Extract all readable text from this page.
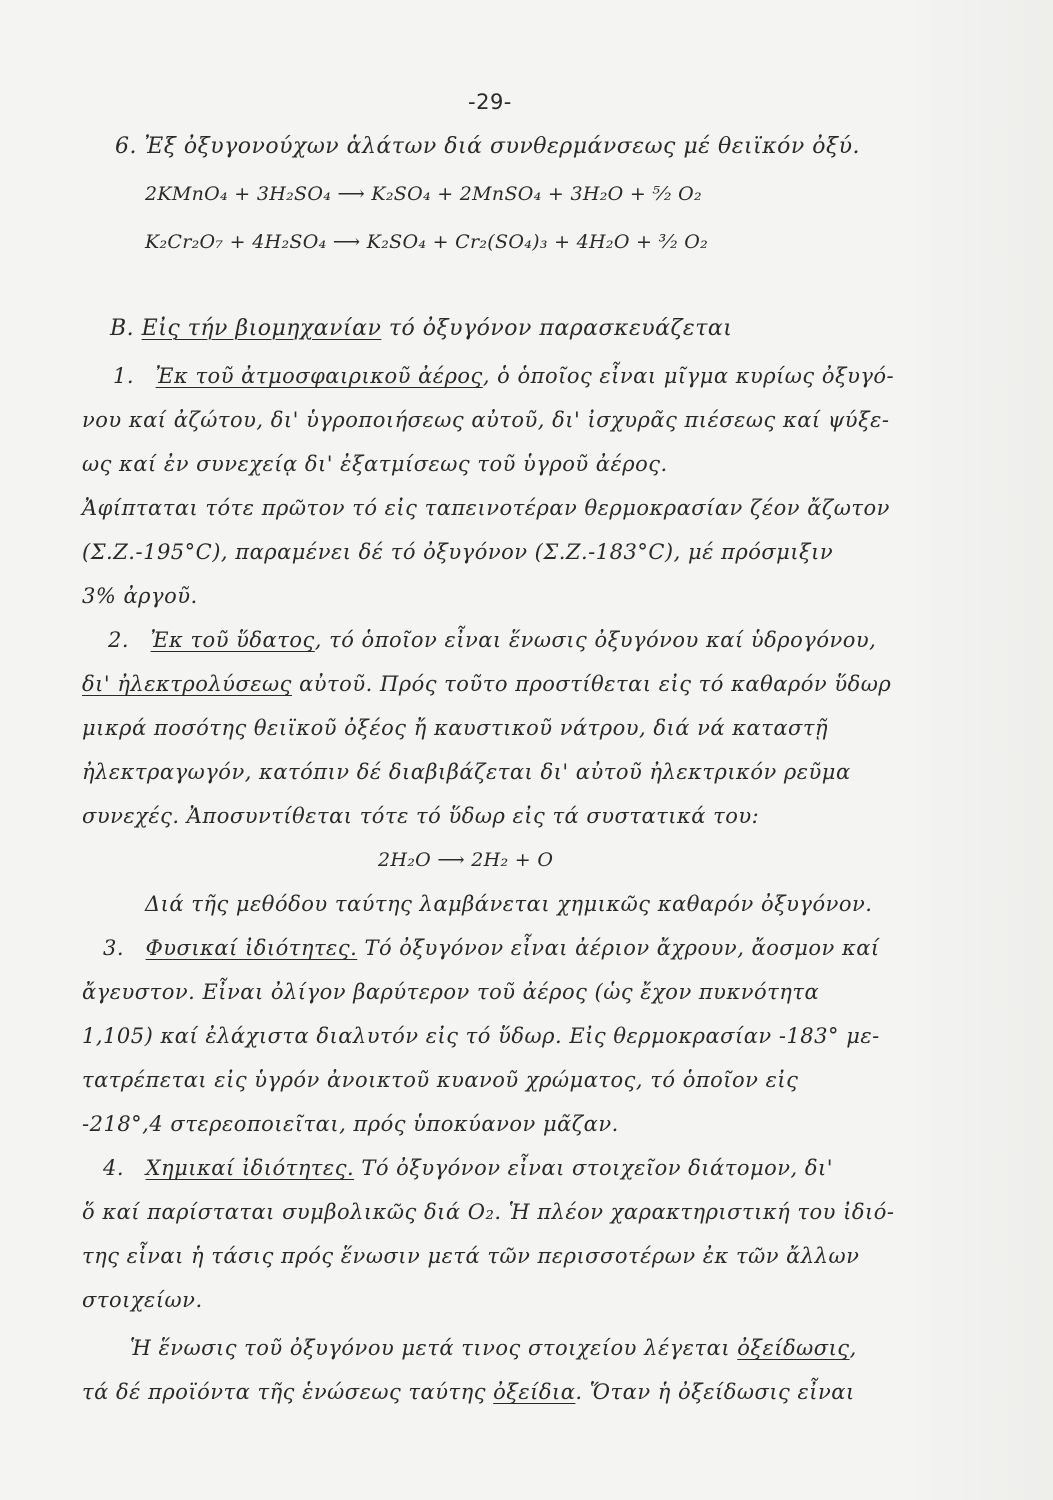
-29-
6. Ἐξ ὀξυγονούχων ἁλάτων διά συνθερμάνσεως μέ θειϊκόν ὀξύ.
2KMnO₄ + 3H₂SO₄ ⟶ K₂SO₄ + 2MnSO₄ + 3H₂O + ⁵⁄₂ O₂
K₂Cr₂O₇ + 4H₂SO₄ ⟶ K₂SO₄ + Cr₂(SO₄)₃ + 4H₂O + ³⁄₂ O₂
B. Εἰς τήν βιομηχανίαν τό ὀξυγόνον παρασκευάζεται
1. Ἐκ τοῦ ἀτμοσφαιρικοῦ ἀέρος, ὁ ὁποῖος εἶναι μῖγμα κυρίως ὀξυγό-
νου καί ἀζώτου, δι' ὑγροποιήσεως αὐτοῦ, δι' ἰσχυρᾶς πιέσεως καί ψύξε-
ως καί ἐν συνεχείᾳ δι' ἐξατμίσεως τοῦ ὑγροῦ ἀέρος.
Ἀφίπταται τότε πρῶτον τό εἰς ταπεινοτέραν θερμοκρασίαν ζέον ἄζωτον
(Σ.Ζ.-195°C), παραμένει δέ τό ὀξυγόνον (Σ.Ζ.-183°C), μέ πρόσμιξιν
3% ἀργοῦ.
2. Ἐκ τοῦ ὕδατος, τό ὁποῖον εἶναι ἕνωσις ὀξυγόνου καί ὑδρογόνου,
δι' ἠλεκτρολύσεως αὐτοῦ. Πρός τοῦτο προστίθεται εἰς τό καθαρόν ὕδωρ
μικρά ποσότης θειϊκοῦ ὀξέος ἤ καυστικοῦ νάτρου, διά νά καταστῇ
ἠλεκτραγωγόν, κατόπιν δέ διαβιβάζεται δι' αὐτοῦ ἠλεκτρικόν ρεῦμα
συνεχές. Ἀποσυντίθεται τότε τό ὕδωρ εἰς τά συστατικά του:
2H₂O ⟶ 2H₂ + O
Διά τῆς μεθόδου ταύτης λαμβάνεται χημικῶς καθαρόν ὀξυγόνον.
3. Φυσικαί ἰδιότητες. Τό ὀξυγόνον εἶναι ἀέριον ἄχρουν, ἄοσμον καί
ἄγευστον. Εἶναι ὀλίγον βαρύτερον τοῦ ἀέρος (ὡς ἔχον πυκνότητα
1,105) καί ἐλάχιστα διαλυτόν εἰς τό ὕδωρ. Εἰς θερμοκρασίαν -183° με-
τατρέπεται εἰς ὑγρόν ἀνοικτοῦ κυανοῦ χρώματος, τό ὁποῖον εἰς
-218°,4 στερεοποιεῖται, πρός ὑποκύανον μᾶζαν.
4. Χημικαί ἰδιότητες. Τό ὀξυγόνον εἶναι στοιχεῖον διάτομον, δι'
ὅ καί παρίσταται συμβολικῶς διά O₂. Ἡ πλέον χαρακτηριστική του ἰδιό-
της εἶναι ἡ τάσις πρός ἕνωσιν μετά τῶν περισσοτέρων ἐκ τῶν ἄλλων
στοιχείων.
Ἡ ἕνωσις τοῦ ὀξυγόνου μετά τινος στοιχείου λέγεται ὀξείδωσις,
τά δέ προϊόντα τῆς ἑνώσεως ταύτης ὀξείδια. Ὅταν ἡ ὀξείδωσις εἶναι
